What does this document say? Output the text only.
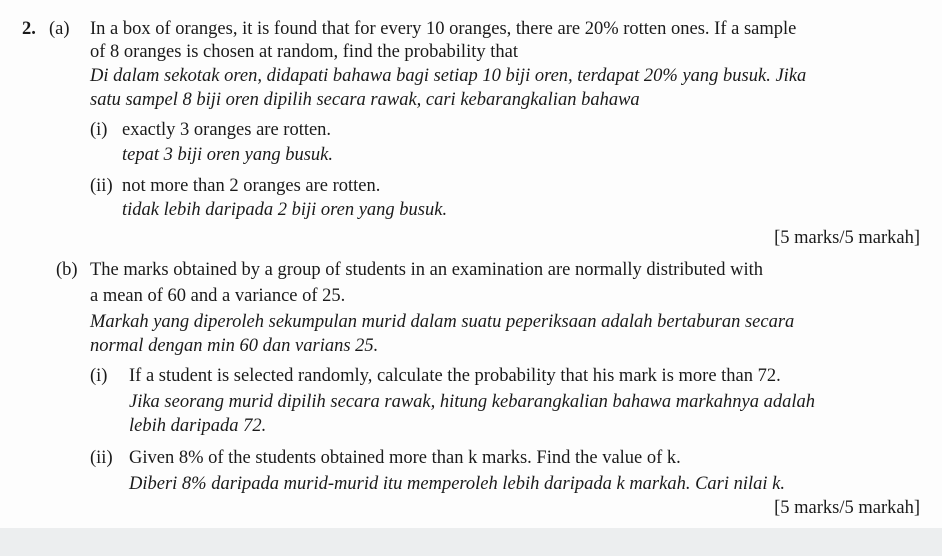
2. (a) In a box of oranges, it is found that for every 10 oranges, there are 20% rotten ones. If a sample
of 8 oranges is chosen at random, find the probability that
Di dalam sekotak oren, didapati bahawa bagi setiap 10 biji oren, terdapat 20% yang busuk. Jika
satu sampel 8 biji oren dipilih secara rawak, cari kebarangkalian bahawa
(i) exactly 3 oranges are rotten.
tepat 3 biji oren yang busuk.
(ii) not more than 2 oranges are rotten.
tidak lebih daripada 2 biji oren yang busuk.
[5 marks/5 markah]
(b) The marks obtained by a group of students in an examination are normally distributed with
a mean of 60 and a variance of 25.
Markah yang diperoleh sekumpulan murid dalam suatu peperiksaan adalah bertaburan secara
normal dengan min 60 dan varians 25.
(i) If a student is selected randomly, calculate the probability that his mark is more than 72.
Jika seorang murid dipilih secara rawak, hitung kebarangkalian bahawa markahnya adalah
lebih daripada 72.
(ii) Given 8% of the students obtained more than k marks. Find the value of k.
Diberi 8% daripada murid-murid itu memperoleh lebih daripada k markah. Cari nilai k.
[5 marks/5 markah]
